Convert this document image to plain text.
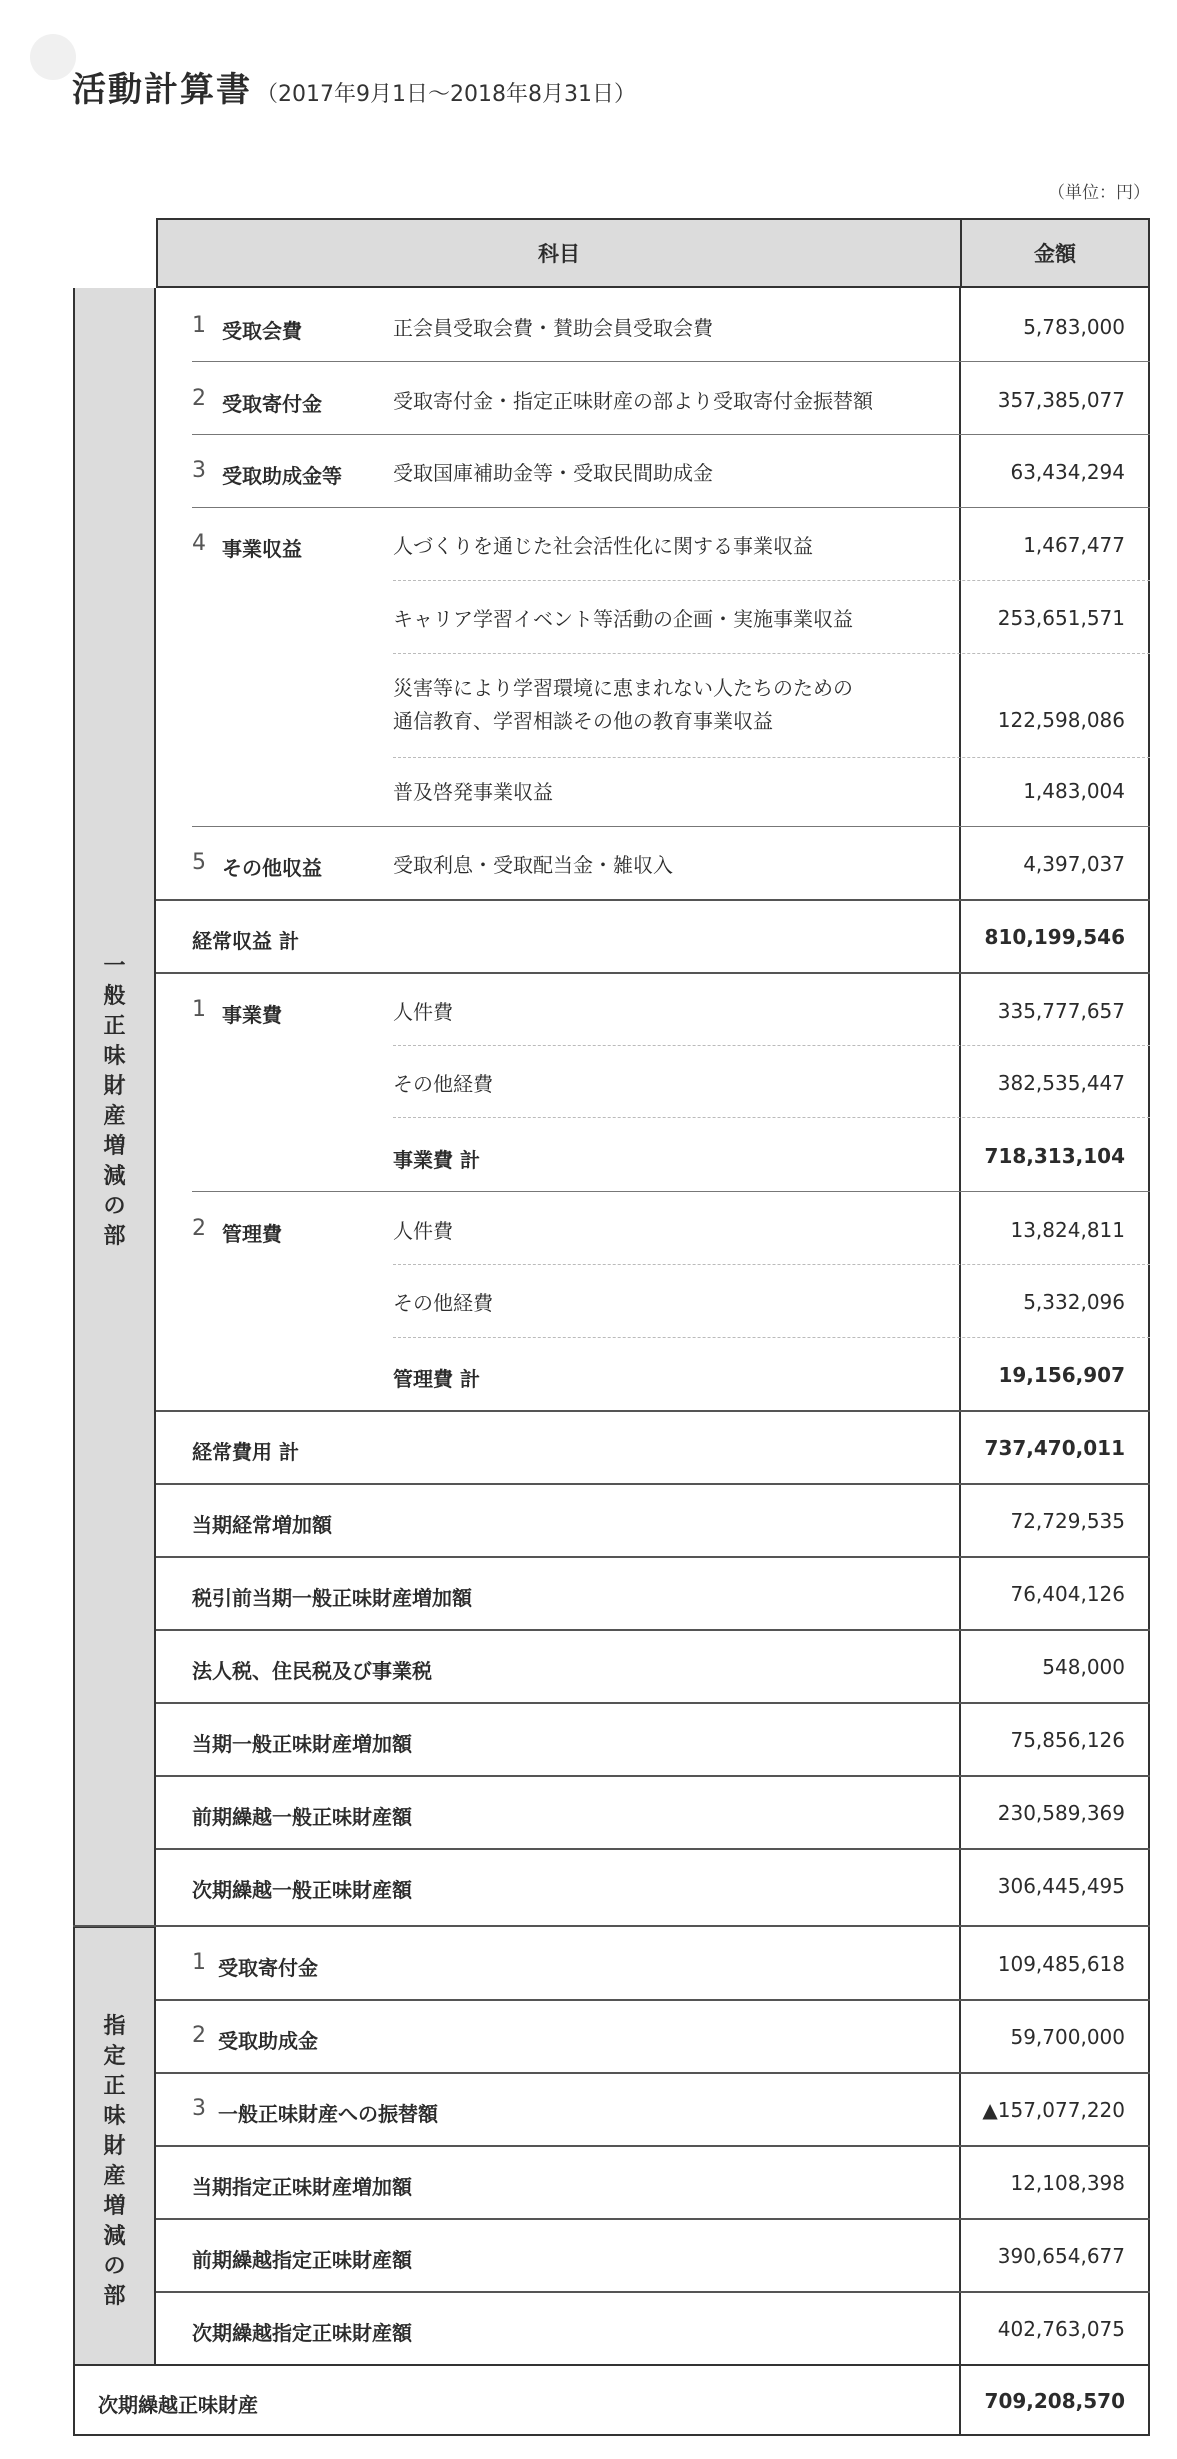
活動計算書 （2017年9月1日～2018年8月31日）
（単位：円）
科目	金額
一
般
正
味
財
産
増
減
の
部
指
定
正
味
財
産
増
減
の
部
1 受取会費	正会員受取会費・賛助会員受取会費	5,783,000
2 受取寄付金	受取寄付金・指定正味財産の部より受取寄付金振替額	357,385,077
3 受取助成金等	受取国庫補助金等・受取民間助成金	63,434,294
4 事業収益	人づくりを通じた社会活性化に関する事業収益	1,467,477
キャリア学習イベント等活動の企画・実施事業収益	253,651,571
災害等により学習環境に恵まれない人たちのための
通信教育、学習相談その他の教育事業収益	122,598,086
普及啓発事業収益	1,483,004
5 その他収益	受取利息・受取配当金・雑収入	4,397,037
経常収益 計	810,199,546
1 事業費	人件費	335,777,657
その他経費	382,535,447
事業費 計	718,313,104
2 管理費	人件費	13,824,811
その他経費	5,332,096
管理費 計	19,156,907
経常費用 計	737,470,011
当期経常増加額	72,729,535
税引前当期一般正味財産増加額	76,404,126
法人税、住民税及び事業税	548,000
当期一般正味財産増加額	75,856,126
前期繰越一般正味財産額	230,589,369
次期繰越一般正味財産額	306,445,495
1 受取寄付金	109,485,618
2 受取助成金	59,700,000
3 一般正味財産への振替額	▲157,077,220
当期指定正味財産増加額	12,108,398
前期繰越指定正味財産額	390,654,677
次期繰越指定正味財産額	402,763,075
次期繰越正味財産	709,208,570
